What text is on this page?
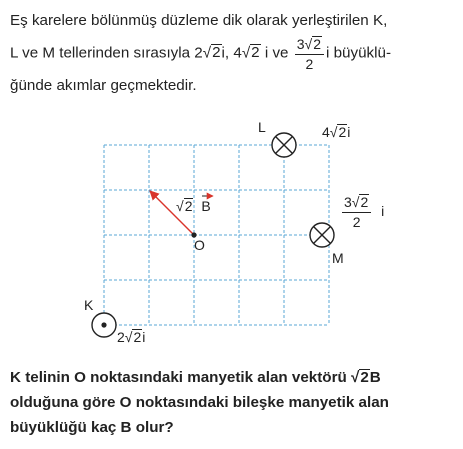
Eş karelere bölünmüş düzleme dik olarak yerleştirilen K,
L ve M tellerinden sırasıyla 2√2i, 4√2 i ve $\frac{3√2}{2}$ i büyüklü-
ğünde akımlar geçmektedir.
L	4√2i
√2 B
O
$\frac{3√2}{2}$ i
M
K
2√2i
K telinin O noktasındaki manyetik alan vektörü √2B
olduğuna göre O noktasındaki bileşke manyetik alan
büyüklüğü kaç B olur?
